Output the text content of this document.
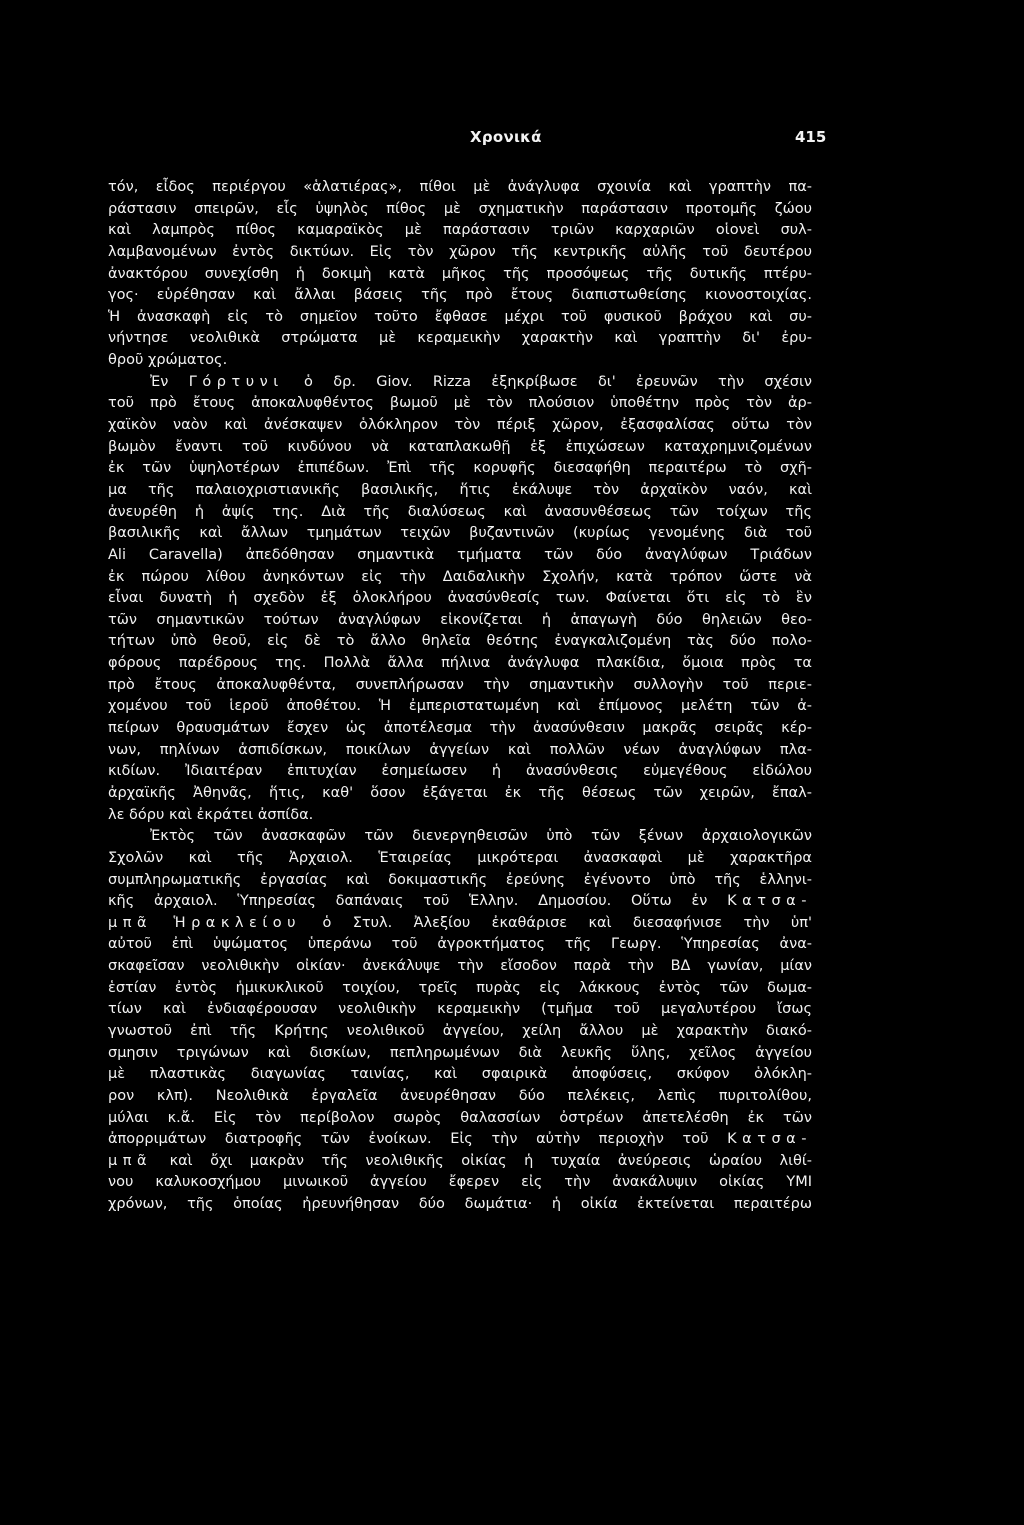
Χρονικά	415
τόν, εἶδος περιέργου «ἁλατιέρας», πίθοι μὲ ἀνάγλυφα σχοινία καὶ γραπτὴν πα-
ράστασιν σπειρῶν, εἷς ὑψηλὸς πίθος μὲ σχηματικὴν παράστασιν προτομῆς ζώου
καὶ λαμπρὸς πίθος καμαραϊκὸς μὲ παράστασιν τριῶν καρχαριῶν οἱονεὶ συλ-
λαμβανομένων ἐντὸς δικτύων. Εἰς τὸν χῶρον τῆς κεντρικῆς αὐλῆς τοῦ δευτέρου
ἀνακτόρου συνεχίσθη ἡ δοκιμὴ κατὰ μῆκος τῆς προσόψεως τῆς δυτικῆς πτέρυ-
γος· εὑρέθησαν καὶ ἄλλαι βάσεις τῆς πρὸ ἔτους διαπιστωθείσης κιονοστοιχίας.
Ἡ ἀνασκαφὴ εἰς τὸ σημεῖον τοῦτο ἔφθασε μέχρι τοῦ φυσικοῦ βράχου καὶ συ-
νήντησε νεολιθικὰ στρώματα μὲ κεραμεικὴν χαρακτὴν καὶ γραπτὴν δι' ἐρυ-
θροῦ χρώματος.
Ἐν Γόρτυνι ὁ δρ. Giov. Rizza ἐξηκρίβωσε δι' ἐρευνῶν τὴν σχέσιν
τοῦ πρὸ ἔτους ἀποκαλυφθέντος βωμοῦ μὲ τὸν πλούσιον ὑποθέτην πρὸς τὸν ἀρ-
χαϊκὸν ναὸν καὶ ἀνέσκαψεν ὁλόκληρον τὸν πέριξ χῶρον, ἐξασφαλίσας οὕτω τὸν
βωμὸν ἔναντι τοῦ κινδύνου νὰ καταπλακωθῇ ἐξ ἐπιχώσεων καταχρημνιζομένων
ἐκ τῶν ὑψηλοτέρων ἐπιπέδων. Ἐπὶ τῆς κορυφῆς διεσαφήθη περαιτέρω τὸ σχῆ-
μα τῆς παλαιοχριστιανικῆς βασιλικῆς, ἥτις ἐκάλυψε τὸν ἀρχαϊκὸν ναόν, καὶ
ἀνευρέθη ἡ ἀψίς της. Διὰ τῆς διαλύσεως καὶ ἀνασυνθέσεως τῶν τοίχων τῆς
βασιλικῆς καὶ ἄλλων τμημάτων τειχῶν βυζαντινῶν (κυρίως γενομένης διὰ τοῦ
Ali Caravella) ἀπεδόθησαν σημαντικὰ τμήματα τῶν δύο ἀναγλύφων Τριάδων
ἐκ πώρου λίθου ἀνηκόντων εἰς τὴν Δαιδαλικὴν Σχολήν, κατὰ τρόπον ὥστε νὰ
εἶναι δυνατὴ ἡ σχεδὸν ἐξ ὁλοκλήρου ἀνασύνθεσίς των. Φαίνεται ὅτι εἰς τὸ ἓν
τῶν σημαντικῶν τούτων ἀναγλύφων εἰκονίζεται ἡ ἁπαγωγὴ δύο θηλειῶν θεο-
τήτων ὑπὸ θεοῦ, εἰς δὲ τὸ ἄλλο θηλεῖα θεότης ἐναγκαλιζομένη τὰς δύο πολο-
φόρους παρέδρους της. Πολλὰ ἄλλα πήλινα ἀνάγλυφα πλακίδια, ὅμοια πρὸς τα
πρὸ ἔτους ἀποκαλυφθέντα, συνεπλήρωσαν τὴν σημαντικὴν συλλογὴν τοῦ περιε-
χομένου τοῦ ἱεροῦ ἀποθέτου. Ἡ ἐμπεριστατωμένη καὶ ἐπίμονος μελέτη τῶν ἀ-
πείρων θραυσμάτων ἔσχεν ὡς ἀποτέλεσμα τὴν ἀνασύνθεσιν μακρᾶς σειρᾶς κέρ-
νων, πηλίνων ἀσπιδίσκων, ποικίλων ἀγγείων καὶ πολλῶν νέων ἀναγλύφων πλα-
κιδίων. Ἰδιαιτέραν ἐπιτυχίαν ἐσημείωσεν ἡ ἀνασύνθεσις εὐμεγέθους εἰδώλου
ἀρχαϊκῆς Ἀθηνᾶς, ἥτις, καθ' ὅσον ἐξάγεται ἐκ τῆς θέσεως τῶν χειρῶν, ἔπαλ-
λε δόρυ καὶ ἐκράτει ἀσπίδα.
Ἐκτὸς τῶν ἀνασκαφῶν τῶν διενεργηθεισῶν ὑπὸ τῶν ξένων ἀρχαιολογικῶν
Σχολῶν καὶ τῆς Ἀρχαιολ. Ἑταιρείας μικρότεραι ἀνασκαφαὶ μὲ χαρακτῆρα
συμπληρωματικῆς ἐργασίας καὶ δοκιμαστικῆς ἐρεύνης ἐγένοντο ὑπὸ τῆς ἑλληνι-
κῆς ἀρχαιολ. Ὑπηρεσίας δαπάναις τοῦ Ἑλλην. Δημοσίου. Οὕτω ἐν Κατσα-
μπᾶ Ἡρακλείου ὁ Στυλ. Ἀλεξίου ἐκαθάρισε καὶ διεσαφήνισε τὴν ὑπ'
αὐτοῦ ἐπὶ ὑψώματος ὑπεράνω τοῦ ἀγροκτήματος τῆς Γεωργ. Ὑπηρεσίας ἀνα-
σκαφεῖσαν νεολιθικὴν οἰκίαν· ἀνεκάλυψε τὴν εἴσοδον παρὰ τὴν ΒΔ γωνίαν, μίαν
ἑστίαν ἐντὸς ἡμικυκλικοῦ τοιχίου, τρεῖς πυρὰς εἰς λάκκους ἐντὸς τῶν δωμα-
τίων καὶ ἐνδιαφέρουσαν νεολιθικὴν κεραμεικὴν (τμῆμα τοῦ μεγαλυτέρου ἴσως
γνωστοῦ ἐπὶ τῆς Κρήτης νεολιθικοῦ ἀγγείου, χείλη ἄλλου μὲ χαρακτὴν διακό-
σμησιν τριγώνων καὶ δισκίων, πεπληρωμένων διὰ λευκῆς ὕλης, χεῖλος ἀγγείου
μὲ πλαστικὰς διαγωνίας ταινίας, καὶ σφαιρικὰ ἀποφύσεις, σκύφον ὁλόκλη-
ρον κλπ). Νεολιθικὰ ἐργαλεῖα ἀνευρέθησαν δύο πελέκεις, λεπὶς πυριτολίθου,
μύλαι κ.ἄ. Εἰς τὸν περίβολον σωρὸς θαλασσίων ὀστρέων ἀπετελέσθη ἐκ τῶν
ἀπορριμάτων διατροφῆς τῶν ἐνοίκων. Εἰς τὴν αὐτὴν περιοχὴν τοῦ Κατσα-
μπᾶ καὶ ὄχι μακρὰν τῆς νεολιθικῆς οἰκίας ἡ τυχαία ἀνεύρεσις ὡραίου λιθί-
νου καλυκοσχήμου μινωικοῦ ἀγγείου ἔφερεν εἰς τὴν ἀνακάλυψιν οἰκίας ΥΜΙ
χρόνων, τῆς ὁποίας ἠρευνήθησαν δύο δωμάτια· ἡ οἰκία ἐκτείνεται περαιτέρω
